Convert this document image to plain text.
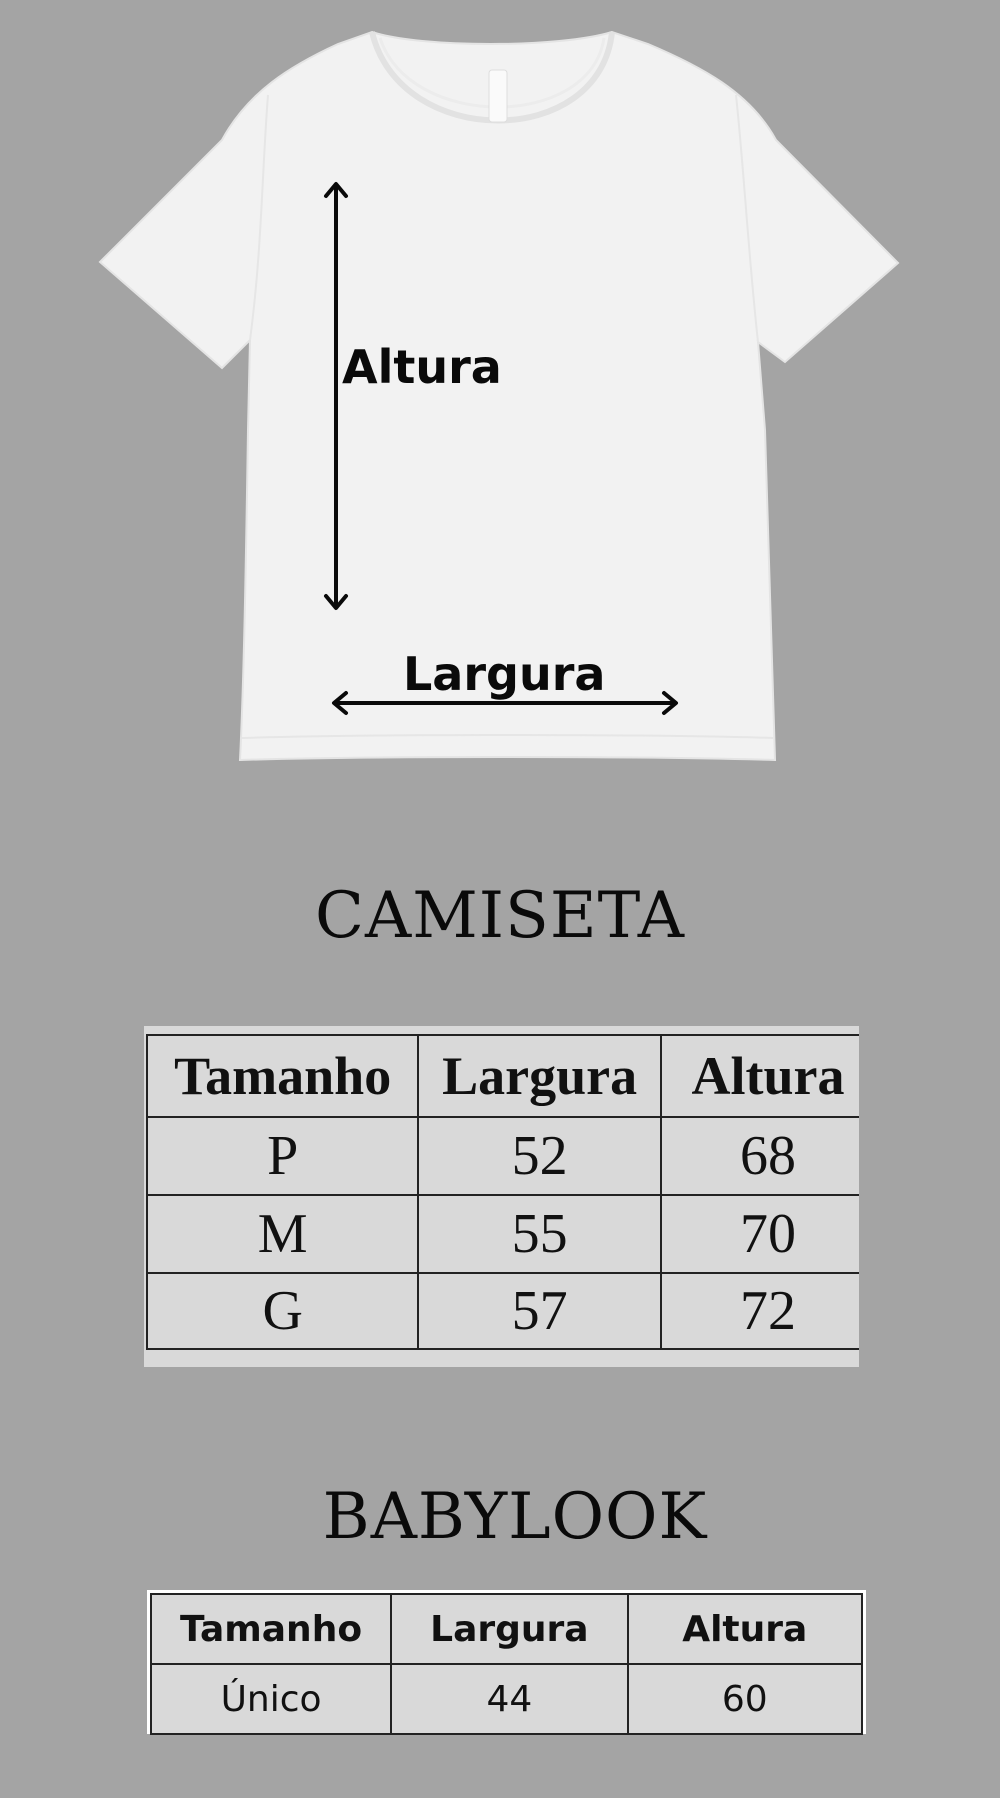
Altura
Largura
CAMISETA
Tamanho	Largura	Altura
P	52	68
M	55	70
G	57	72
BABYLOOK
Tamanho	Largura	Altura
Único	44	60
